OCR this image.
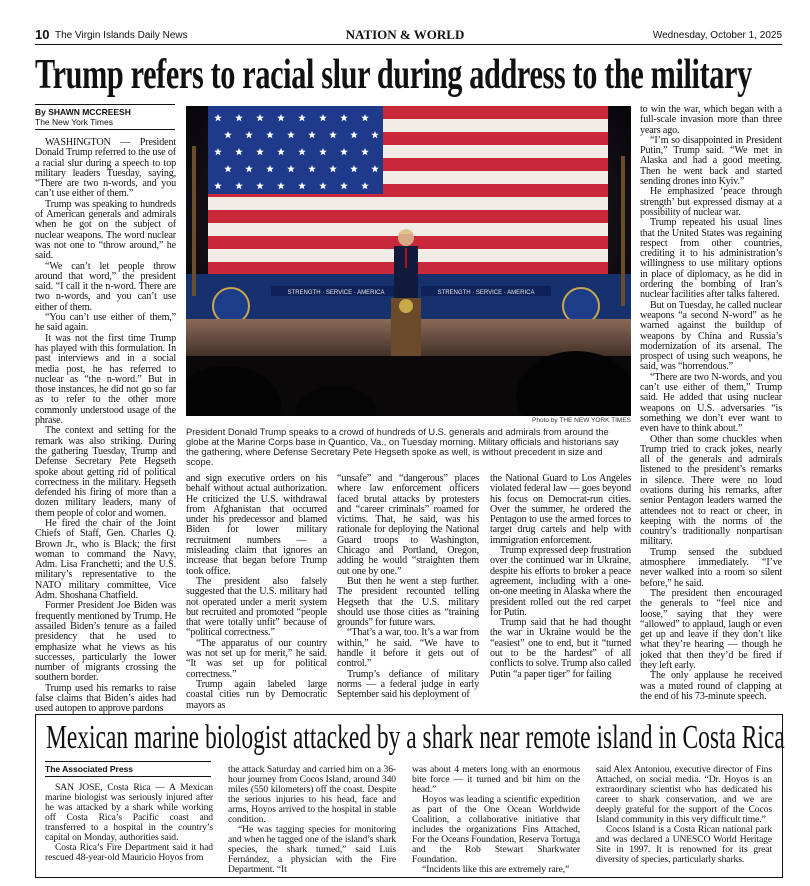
10 The Virgin Islands Daily News	NATION & WORLD	Wednesday, October 1, 2025
Trump refers to racial slur during address to the military
By SHAWN MCCREESH
The New York Times

WASHINGTON — President Donald Trump referred to the use of a racial slur during a speech to top military leaders Tuesday, saying, “There are two n-words, and you can’t use either of them.”

Trump was speaking to hundreds of American generals and admirals when he got on the subject of nuclear weapons. The word nuclear was not one to “throw around,” he said.

“We can’t let people throw around that word,” the president said. “I call it the n-word. There are two n-words, and you can’t use either of them.

“You can’t use either of them,” he said again.

It was not the first time Trump has played with this formulation. In past interviews and in a social media post, he has referred to nuclear as “the n-word.” But in those instances, he did not go so far as to refer to the other more commonly understood usage of the phrase.

The context and setting for the remark was also striking. During the gathering Tuesday, Trump and Defense Secretary Pete Hegseth spoke about getting rid of political correctness in the military. Hegseth defended his firing of more than a dozen military leaders, many of them people of color and women.

He fired the chair of the Joint Chiefs of Staff, Gen. Charles Q. Brown Jr., who is Black; the first woman to command the Navy, Adm. Lisa Franchetti; and the U.S. military’s representative to the NATO military committee, Vice Adm. Shoshana Chatfield.

Former President Joe Biden was frequently mentioned by Trump. He assailed Biden’s tenure as a failed presidency that he used to emphasize what he views as his successes, particularly the lower number of migrants crossing the southern border.

Trump used his remarks to raise false claims that Biden’s aides had used autopen to approve pardons

and sign executive orders on his behalf without actual authorization. He criticized the U.S. withdrawal from Afghanistan that occurred under his predecessor and blamed Biden for lower military recruitment numbers — a misleading claim that ignores an increase that began before Trump took office.

The president also falsely suggested that the U.S. military had not operated under a merit system but recruited and promoted “people that were totally unfit” because of “political correctness.”

“The apparatus of our country was not set up for merit,” he said. “It was set up for political correctness.”

Trump again labeled large coastal cities run by Democratic mayors as

“unsafe” and “dangerous” places where law enforcement officers faced brutal attacks by protesters and “career criminals” roamed for victims. That, he said, was his rationale for deploying the National Guard troops to Washington, Chicago and Portland, Oregon, adding he would “straighten them out one by one.”

But then he went a step further. The president recounted telling Hegseth that the U.S. military should use those cities as “training grounds” for future wars.

“That’s a war, too. It’s a war from within,” he said. “We have to handle it before it gets out of control.”

Trump’s defiance of military norms — a federal judge in early September said his deployment of

the National Guard to Los Angeles violated federal law — goes beyond his focus on Democrat-run cities. Over the summer, he ordered the Pentagon to use the armed forces to target drug cartels and help with immigration enforcement.

Trump expressed deep frustration over the continued war in Ukraine, despite his efforts to broker a peace agreement, including with a one-on-one meeting in Alaska where the president rolled out the red carpet for Putin.

Trump said that he had thought the war in Ukraine would be the “easiest” one to end, but it “turned out to be the hardest” of all conflicts to solve. Trump also called Putin “a paper tiger” for failing

to win the war, which began with a full-scale invasion more than three years ago.

“I’m so disappointed in President Putin,” Trump said. “We met in Alaska and had a good meeting. Then he went back and started sending drones into Kyiv.”

He emphasized ‘peace through strength’ but expressed dismay at a possibility of nuclear war.

Trump repeated his usual lines that the United States was regaining respect from other countries, crediting it to his administration’s willingness to use military options in place of diplomacy, as he did in ordering the bombing of Iran’s nuclear facilities after talks faltered.

But on Tuesday, he called nuclear weapons “a second N-word” as he warned against the buildup of weapons by China and Russia’s modernization of its arsenal. The prospect of using such weapons, he said, was “horrendous.”

“There are two N-words, and you can’t use either of them,” Trump said. He added that using nuclear weapons on U.S. adversaries “is something we don’t ever want to even have to think about.”

Other than some chuckles when Trump tried to crack jokes, nearly all of the generals and admirals listened to the president’s remarks in silence. There were no loud ovations during his remarks, after senior Pentagon leaders warned the attendees not to react or cheer, in keeping with the norms of the country’s traditionally nonpartisan military.

Trump sensed the subdued atmosphere immediately. “I’ve never walked into a room so silent before,” he said.

The president then encouraged the generals to “feel nice and loose,” saying that they were “allowed” to applaud, laugh or even get up and leave if they don’t like what they’re hearing — though he joked that then they’d be fired if they left early.

The only applause he received was a muted round of clapping at the end of his 73-minute speech.

STRENGTH · SERVICE · AMERICA	STRENGTH · SERVICE · AMERICA
Photo by THE NEW YORK TIMES
President Donald Trump speaks to a crowd of hundreds of U.S. generals and admirals from around the globe at the Marine Corps base in Quantico, Va., on Tuesday morning. Military officials and historians say the gathering, where Defense Secretary Pete Hegseth spoke as well, is without precedent in size and scope.
Mexican marine biologist attacked by a shark near remote island in Costa Rica
The Associated Press

SAN JOSE, Costa Rica — A Mexican marine biologist was seriously injured after he was attacked by a shark while working off Costa Rica’s Pacific coast and transferred to a hospital in the country’s capital on Monday, authorities said.

Costa Rica’s Fire Department said it had rescued 48-year-old Mauricio Hoyos from

the attack Saturday and carried him on a 36-hour journey from Cocos Island, around 340 miles (550 kilometers) off the coast. Despite the serious injuries to his head, face and arms, Hoyos arrived to the hospital in stable condition.

“He was tagging species for monitoring and when he tagged one of the island’s shark species, the shark turned,” said Luis Fernández, a physician with the Fire Department. “It

was about 4 meters long with an enormous bite force — it turned and bit him on the head.”

Hoyos was leading a scientific expedition as part of the One Ocean Worldwide Coalition, a collaborative initiative that includes the organizations Fins Attached, For the Oceans Foundation, Reserva Tortuga and the Rob Stewart Sharkwater Foundation.

“Incidents like this are extremely rare,”

said Alex Antoniou, executive director of Fins Attached, on social media. “Dr. Hoyos is an extraordinary scientist who has dedicated his career to shark conservation, and we are deeply grateful for the support of the Cocos Island community in this very difficult time.”

Cocos Island is a Costa Rican national park and was declared a UNESCO World Heritage Site in 1997. It is renowned for its great diversity of species, particularly sharks.
